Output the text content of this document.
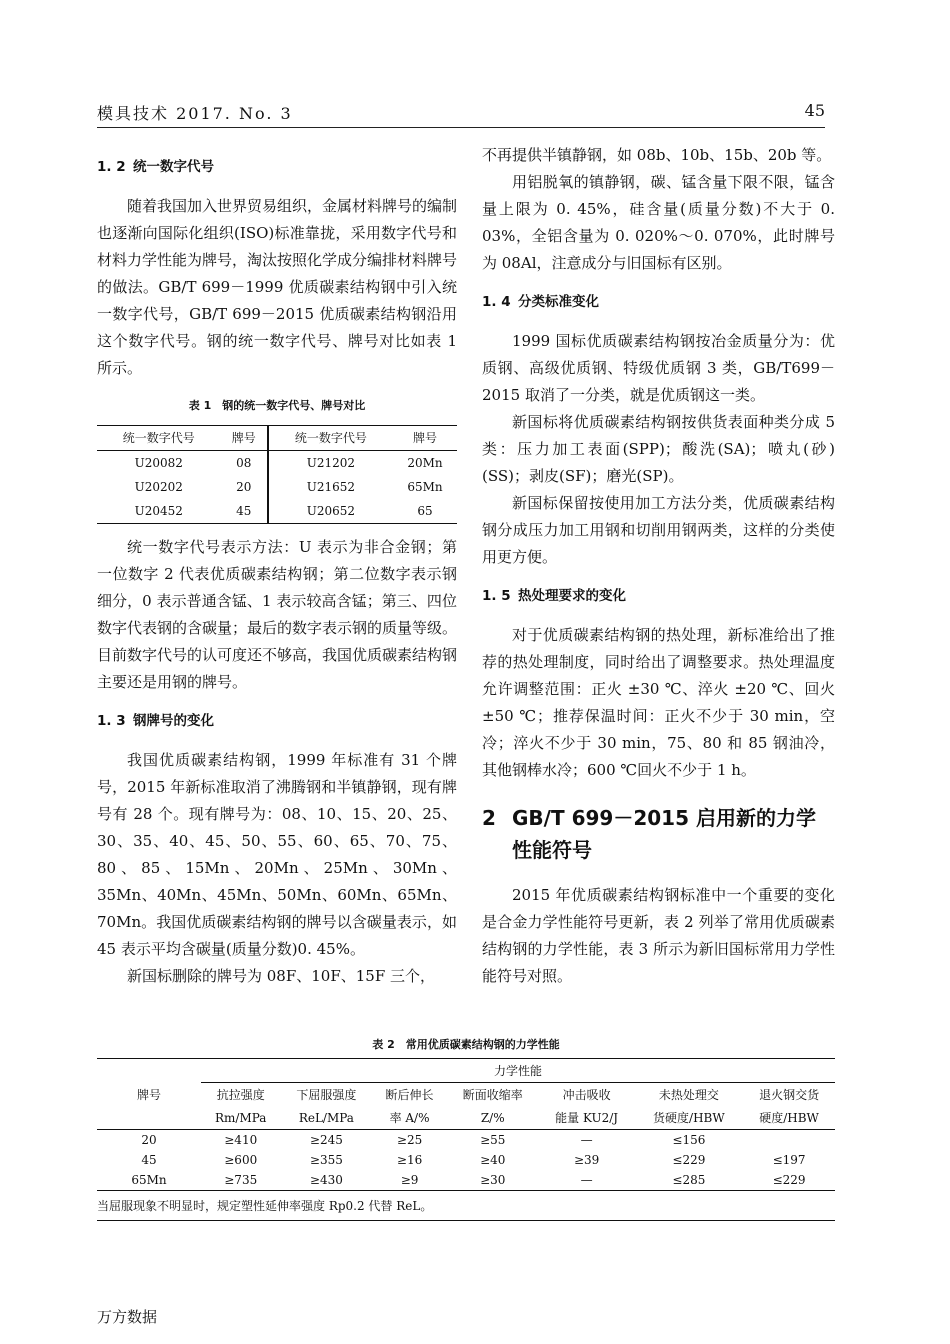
模具技术 2017. No. 3	45
1. 2 统一数字代号

随着我国加入世界贸易组织，金属材料牌号的编制也逐渐向国际化组织(ISO)标准靠拢，采用数字代号和材料力学性能为牌号，淘汰按照化学成分编排材料牌号的做法。GB/T 699－1999 优质碳素结构钢中引入统一数字代号，GB/T 699－2015 优质碳素结构钢沿用这个数字代号。钢的统一数字代号、牌号对比如表 1 所示。

表 1　钢的统一数字代号、牌号对比
统一数字代号	牌号	统一数字代号	牌号
U20082	08	U21202	20Mn
U20202	20	U21652	65Mn
U20452	45	U20652	65

统一数字代号表示方法：U 表示为非合金钢；第一位数字 2 代表优质碳素结构钢；第二位数字表示钢细分，0 表示普通含锰、1 表示较高含锰；第三、四位数字代表钢的含碳量；最后的数字表示钢的质量等级。目前数字代号的认可度还不够高，我国优质碳素结构钢主要还是用钢的牌号。

1. 3 钢牌号的变化

我国优质碳素结构钢，1999 年标准有 31 个牌号，2015 年新标准取消了沸腾钢和半镇静钢，现有牌号有 28 个。现有牌号为：08、10、15、20、25、30、35、40、45、50、55、60、65、70、75、80、85、15Mn、20Mn、25Mn、30Mn、35Mn、40Mn、45Mn、50Mn、60Mn、65Mn、70Mn。我国优质碳素结构钢的牌号以含碳量表示，如 45 表示平均含碳量(质量分数)0. 45%。

新国标删除的牌号为 08F、10F、15F 三个，

不再提供半镇静钢，如 08b、10b、15b、20b 等。

用铝脱氧的镇静钢，碳、锰含量下限不限，锰含量上限为 0. 45%，硅含量(质量分数)不大于 0. 03%，全铝含量为 0. 020%～0. 070%，此时牌号为 08Al，注意成分与旧国标有区别。

1. 4 分类标准变化

1999 国标优质碳素结构钢按冶金质量分为：优质钢、高级优质钢、特级优质钢 3 类，GB/T699－2015 取消了一分类，就是优质钢这一类。

新国标将优质碳素结构钢按供货表面种类分成 5 类：压力加工表面(SPP)；酸洗(SA)；喷丸(砂)(SS)；剥皮(SF)；磨光(SP)。

新国标保留按使用加工方法分类，优质碳素结构钢分成压力加工用钢和切削用钢两类，这样的分类使用更方便。

1. 5 热处理要求的变化

对于优质碳素结构钢的热处理，新标准给出了推荐的热处理制度，同时给出了调整要求。热处理温度允许调整范围：正火 ±30 ℃、淬火 ±20 ℃、回火 ±50 ℃；推荐保温时间：正火不少于 30 min，空冷；淬火不少于 30 min，75、80 和 85 钢油冷，其他钢棒水冷；600 ℃回火不少于 1 h。

2 GB/T 699－2015 启用新的力学性能符号

2015 年优质碳素结构钢标准中一个重要的变化是合金力学性能符号更新，表 2 列举了常用优质碳素结构钢的力学性能，表 3 所示为新旧国标常用力学性能符号对照。

表 2　常用优质碳素结构钢的力学性能
牌号	力学性能						
	抗拉强度	下屈服强度	断后伸长	断面收缩率	冲击吸收	未热处理交	退火钢交货
	Rm/MPa	ReL/MPa	率 A/%	Z/%	能量 KU2/J	货硬度/HBW	硬度/HBW
20	≥410	≥245	≥25	≥55	—	≤156	
45	≥600	≥355	≥16	≥40	≥39	≤229	≤197
65Mn	≥735	≥430	≥9	≥30	—	≤285	≤229
当屈服现象不明显时，规定塑性延伸率强度 Rp0.2 代替 ReL。							
万方数据
